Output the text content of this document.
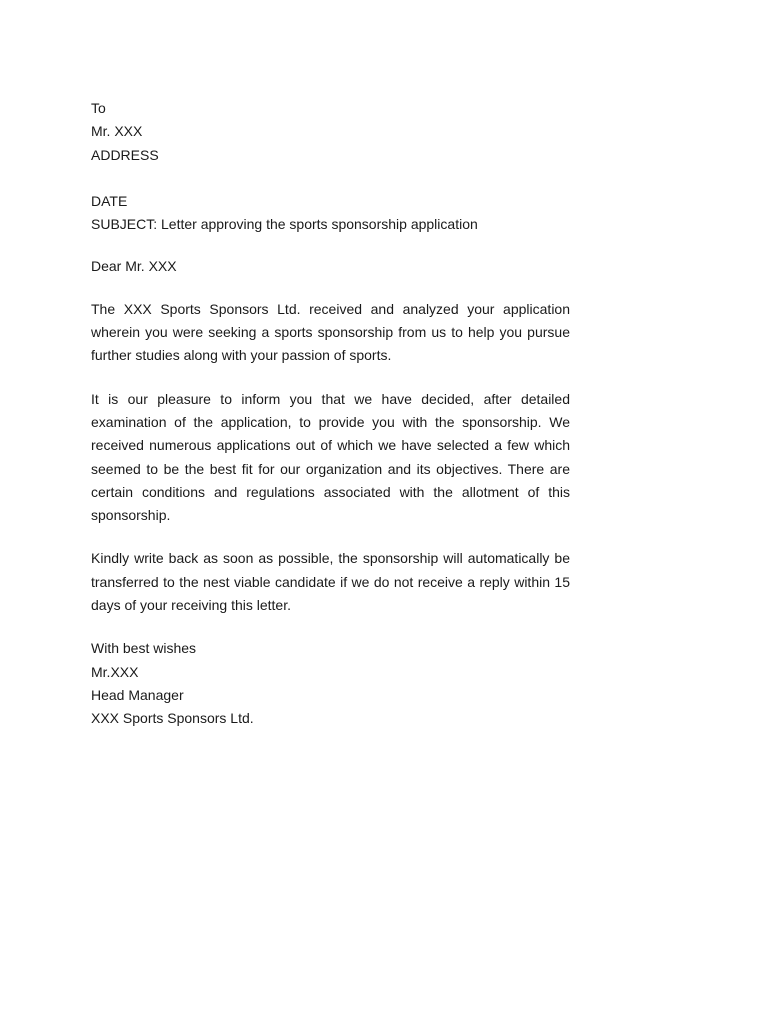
To
Mr. XXX
ADDRESS
DATE
SUBJECT: Letter approving the sports sponsorship application
Dear Mr. XXX

The XXX Sports Sponsors Ltd. received and analyzed your application wherein you were seeking a sports sponsorship from us to help you pursue further studies along with your passion of sports.

It is our pleasure to inform you that we have decided, after detailed examination of the application, to provide you with the sponsorship. We received numerous applications out of which we have selected a few which seemed to be the best fit for our organization and its objectives. There are certain conditions and regulations associated with the allotment of this sponsorship.

Kindly write back as soon as possible, the sponsorship will automatically be transferred to the nest viable candidate if we do not receive a reply within 15 days of your receiving this letter.

With best wishes
Mr.XXX
Head Manager
XXX Sports Sponsors Ltd.
